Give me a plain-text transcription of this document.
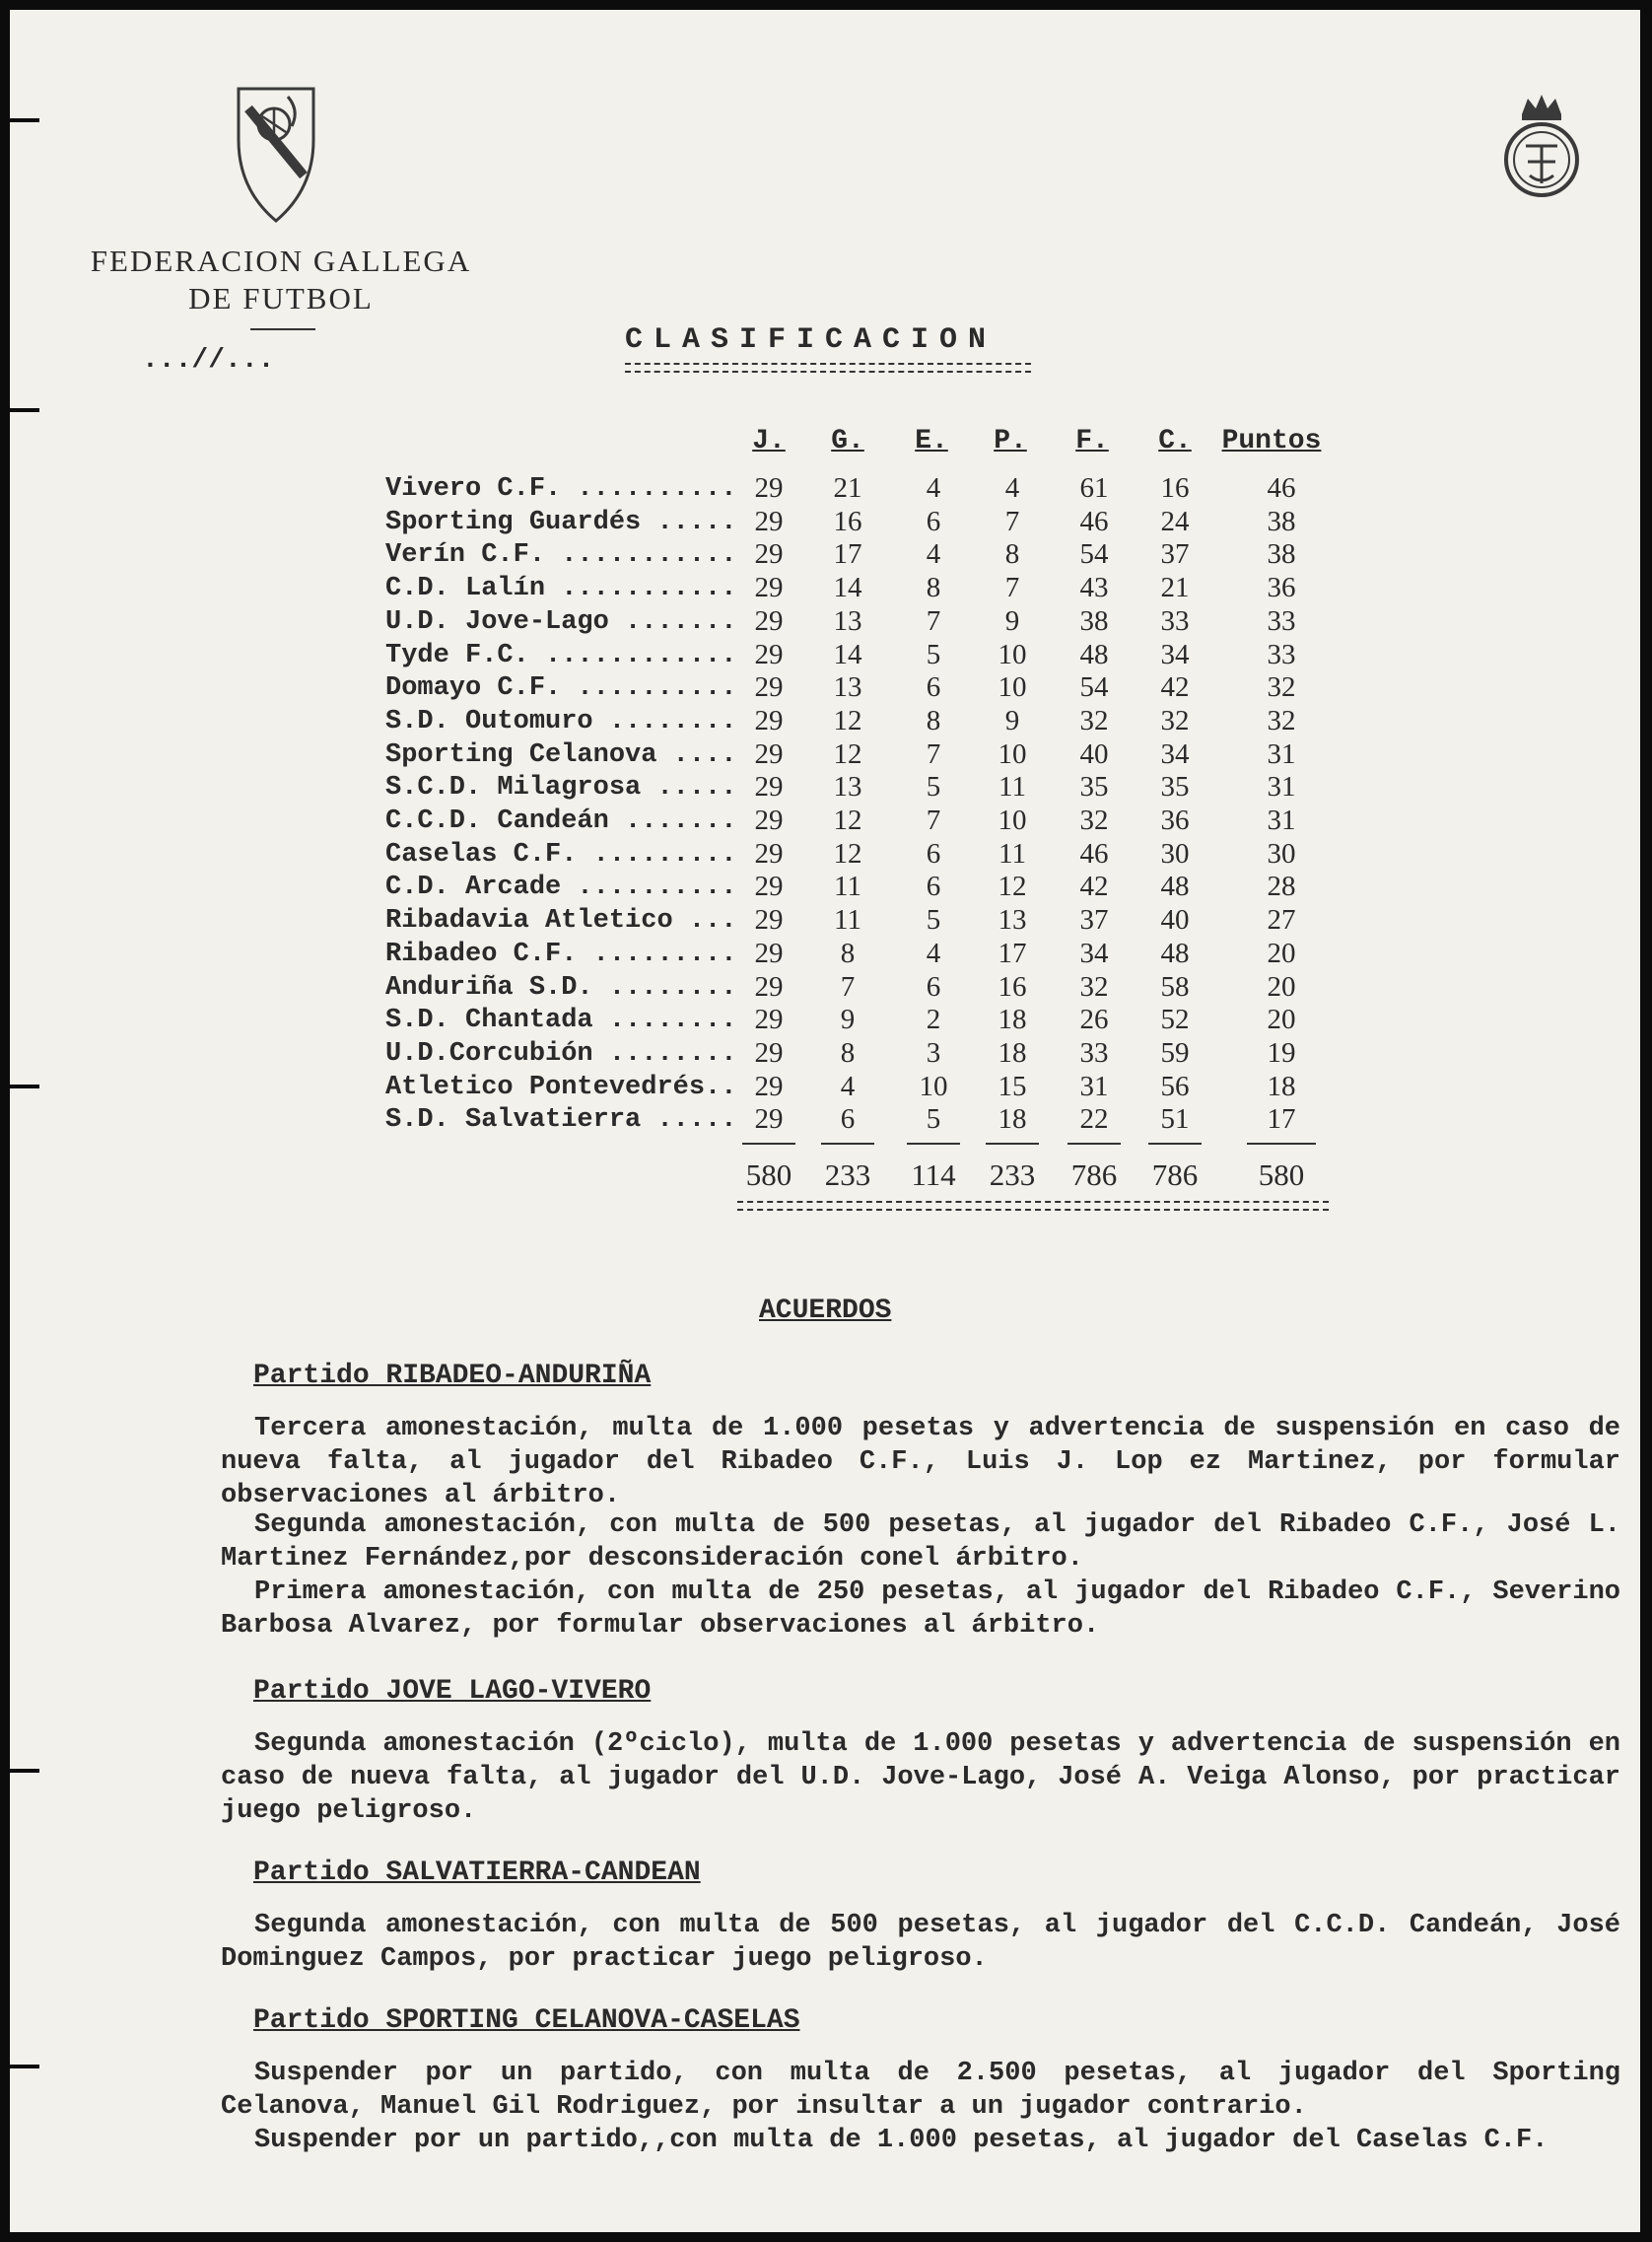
FEDERACION GALLEGA
DE FUTBOL
...//...
CLASIFICACION
J.	G.	E.	P.	F.	C.	Puntos
Vivero C.F. .......... 29	21	4	4	61	16	46
Sporting Guardés ..... 29	16	6	7	46	24	38
Verín C.F. ........... 29	17	4	8	54	37	38
C.D. Lalín ........... 29	14	8	7	43	21	36
U.D. Jove-Lago ....... 29	13	7	9	38	33	33
Tyde F.C. ............ 29	14	5	10	48	34	33
Domayo C.F. .......... 29	13	6	10	54	42	32
S.D. Outomuro ........ 29	12	8	9	32	32	32
Sporting Celanova .... 29	12	7	10	40	34	31
S.C.D. Milagrosa ..... 29	13	5	11	35	35	31
C.C.D. Candeán ....... 29	12	7	10	32	36	31
Caselas C.F. ......... 29	12	6	11	46	30	30
C.D. Arcade .......... 29	11	6	12	42	48	28
Ribadavia Atletico ... 29	11	5	13	37	40	27
Ribadeo C.F. ......... 29	8	4	17	34	48	20
Anduriña S.D. ........ 29	7	6	16	32	58	20
S.D. Chantada ........ 29	9	2	18	26	52	20
U.D.Corcubión ........ 29	8	3	18	33	59	19
Atletico Pontevedrés.. 29	4	10	15	31	56	18
S.D. Salvatierra ..... 29	6	5	18	22	51	17
580	233	114	233	786	786	580
ACUERDOS
Partido RIBADEO-ANDURIÑA
Tercera amonestación, multa de 1.000 pesetas y advertencia de suspensión en caso de nueva falta, al jugador del Ribadeo C.F., Luis J. Lop ez Martinez, por formular observaciones al árbitro.
Segunda amonestación, con multa de 500 pesetas, al jugador del Ribadeo C.F., José L. Martinez Fernández,por desconsideración conel árbitro.
Primera amonestación, con multa de 250 pesetas, al jugador del Ribadeo C.F., Severino Barbosa Alvarez, por formular observaciones al árbitro.
Partido JOVE LAGO-VIVERO
Segunda amonestación (2ºciclo), multa de 1.000 pesetas y advertencia de suspensión en caso de nueva falta, al jugador del U.D. Jove-Lago, José A. Veiga Alonso, por practicar juego peligroso.
Partido SALVATIERRA-CANDEAN
Segunda amonestación, con multa de 500 pesetas, al jugador del C.C.D. Candeán, José Dominguez Campos, por practicar juego peligroso.
Partido SPORTING CELANOVA-CASELAS
Suspender por un partido, con multa de 2.500 pesetas, al jugador del Sporting Celanova, Manuel Gil Rodriguez, por insultar a un jugador contrario.
Suspender por un partido,,con multa de 1.000 pesetas, al jugador del Caselas C.F.
